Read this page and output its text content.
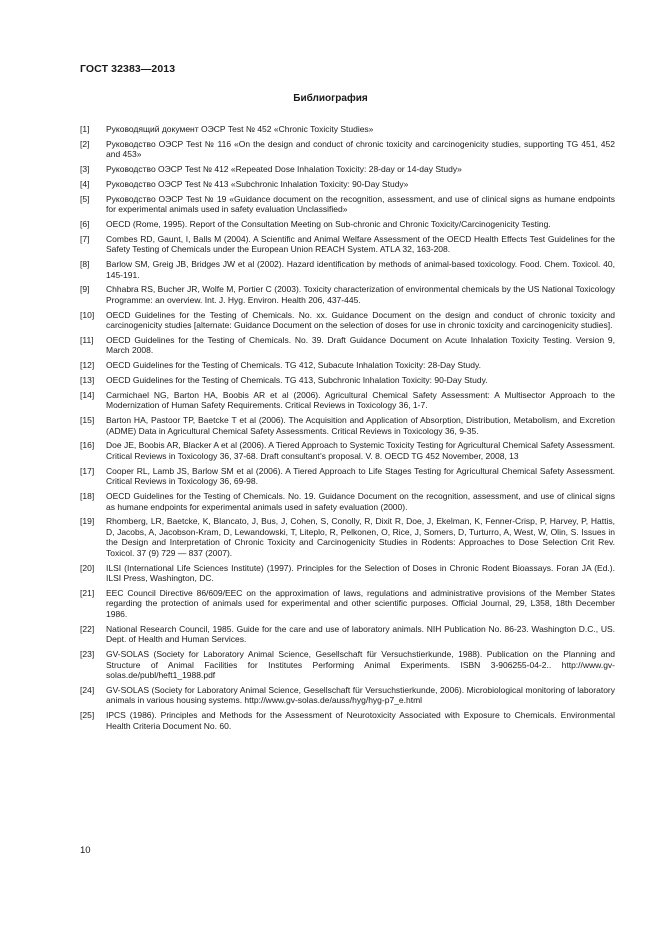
ГОСТ 32383—2013
Библиография
[1]	Руководящий документ ОЭСР Test № 452 «Chronic Toxicity Studies»
[2]	Руководство ОЭСР Test № 116 «On the design and conduct of chronic toxicity and carcinogenicity studies, supporting TG 451, 452 and 453»
[3]	Руководство ОЭСР Test № 412 «Repeated Dose Inhalation Toxicity: 28-day or 14-day Study»
[4]	Руководство ОЭСР Test № 413 «Subchronic Inhalation Toxicity: 90-Day Study»
[5]	Руководство ОЭСР Test № 19 «Guidance document on the recognition, assessment, and use of clinical signs as humane endpoints for experimental animals used in safety evaluation Unclassified»
[6]	OECD (Rome, 1995). Report of the Consultation Meeting on Sub-chronic and Chronic Toxicity/Carcinogenicity Testing.
[7]	Combes RD, Gaunt, I, Balls M (2004). A Scientific and Animal Welfare Assessment of the OECD Health Effects Test Guidelines for the Safety Testing of Chemicals under the European Union REACH System. ATLA 32, 163-208.
[8]	Barlow SM, Greig JB, Bridges JW et al (2002). Hazard identification by methods of animal-based toxicology. Food. Chem. Toxicol. 40, 145-191.
[9]	Chhabra RS, Bucher JR, Wolfe M, Portier C (2003). Toxicity characterization of environmental chemicals by the US National Toxicology Programme: an overview. Int. J. Hyg. Environ. Health 206, 437-445.
[10]	OECD Guidelines for the Testing of Chemicals. No. xx. Guidance Document on the design and conduct of chronic toxicity and carcinogenicity studies [alternate: Guidance Document on the selection of doses for use in chronic toxicity and carcinogenicity studies].
[11]	OECD Guidelines for the Testing of Chemicals. No. 39. Draft Guidance Document on Acute Inhalation Toxicity Testing. Version 9, March 2008.
[12]	OECD Guidelines for the Testing of Chemicals. TG 412, Subacute Inhalation Toxicity: 28-Day Study.
[13]	OECD Guidelines for the Testing of Chemicals. TG 413, Subchronic Inhalation Toxicity: 90-Day Study.
[14]	Carmichael NG, Barton HA, Boobis AR et al (2006). Agricultural Chemical Safety Assessment: A Multisector Approach to the Modernization of Human Safety Requirements. Critical Reviews in Toxicology 36, 1-7.
[15]	Barton HA, Pastoor TP, Baetcke T et al (2006). The Acquisition and Application of Absorption, Distribution, Metabolism, and Excretion (ADME) Data in Agricultural Chemical Safety Assessments. Critical Reviews in Toxicology 36, 9-35.
[16]	Doe JE, Boobis AR, Blacker A et al (2006). A Tiered Approach to Systemic Toxicity Testing for Agricultural Chemical Safety Assessment. Critical Reviews in Toxicology 36, 37-68. Draft consultant’s proposal. V. 8. OECD TG 452 November, 2008, 13
[17]	Cooper RL, Lamb JS, Barlow SM et al (2006). A Tiered Approach to Life Stages Testing for Agricultural Chemical Safety Assessment. Critical Reviews in Toxicology 36, 69-98.
[18]	OECD Guidelines for the Testing of Chemicals. No. 19. Guidance Document on the recognition, assessment, and use of clinical signs as humane endpoints for experimental animals used in safety evaluation (2000).
[19]	Rhomberg, LR, Baetcke, K, Blancato, J, Bus, J, Cohen, S, Conolly, R, Dixit R, Doe, J, Ekelman, K, Fenner-Crisp, P, Harvey, P, Hattis, D, Jacobs, A, Jacobson-Kram, D, Lewandowski, T, Liteplo, R, Pelkonen, O, Rice, J, Somers, D, Turturro, A, West, W, Olin, S. Issues in the Design and Interpretation of Chronic Toxicity and Carcinogenicity Studies in Rodents: Approaches to Dose Selection Crit Rev. Toxicol. 37 (9) 729 — 837 (2007).
[20]	ILSI (International Life Sciences Institute) (1997). Principles for the Selection of Doses in Chronic Rodent Bioassays. Foran JA (Ed.). ILSI Press, Washington, DC.
[21]	EEC Council Directive 86/609/EEC on the approximation of laws, regulations and administrative provisions of the Member States regarding the protection of animals used for experimental and other scientific purposes. Official Journal, 29, L358, 18th December 1986.
[22]	National Research Council, 1985. Guide for the care and use of laboratory animals. NIH Publication No. 86-23. Washington D.C., US. Dept. of Health and Human Services.
[23]	GV-SOLAS (Society for Laboratory Animal Science, Gesellschaft für Versuchstierkunde, 1988). Publication on the Planning and Structure of Animal Facilities for Institutes Performing Animal Experiments. ISBN 3-906255-04-2.. http://www.gv-solas.de/publ/heft1_1988.pdf
[24]	GV-SOLAS (Society for Laboratory Animal Science, Gesellschaft für Versuchstierkunde, 2006). Microbiological monitoring of laboratory animals in various housing systems. http://www.gv-solas.de/auss/hyg/hyg-p7_e.html
[25]	IPCS (1986). Principles and Methods for the Assessment of Neurotoxicity Associated with Exposure to Chemicals. Environmental Health Criteria Document No. 60.
10
